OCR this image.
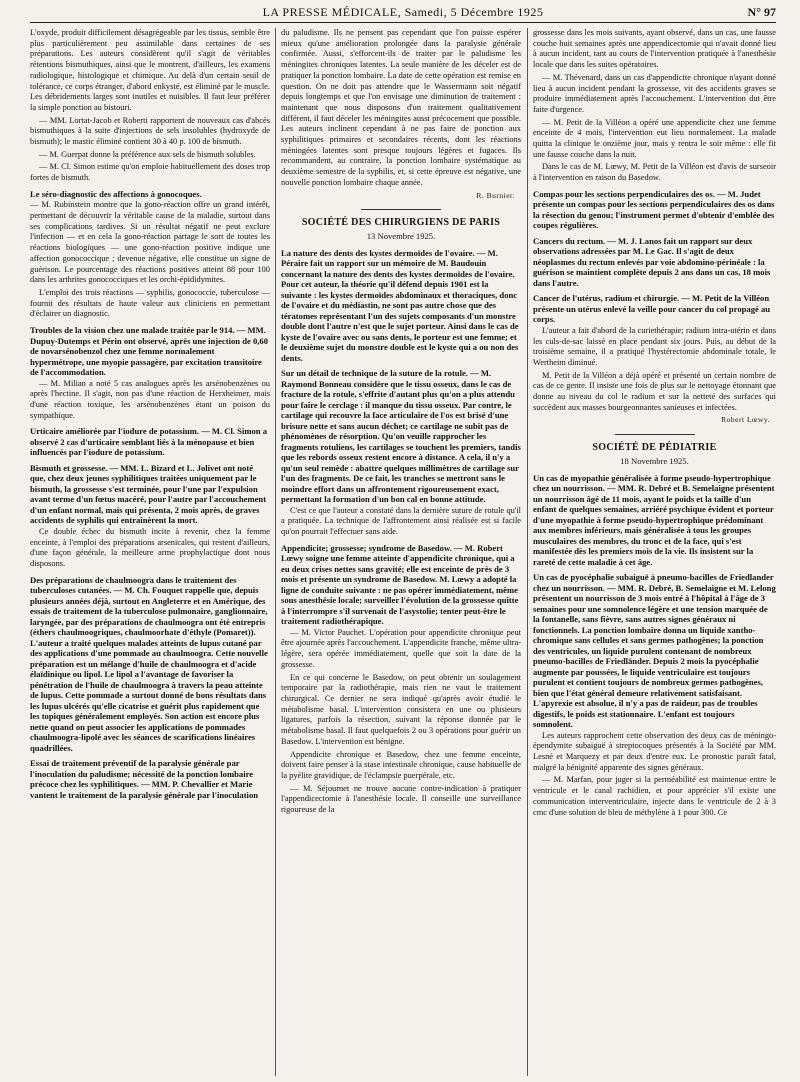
LA PRESSE MÉDICALE, Samedi, 5 Décembre 1925	N° 97

L'oxyde, produit difficilement désagrégeable par les tissus, semble être plus particulièrement peu assimilable dans certaines de ses préparations. Les auteurs considèrent qu'il s'agit de véritables rétentions bismuthiques, ainsi que le montrent, d'ailleurs, les examens radiologique, histologique et chimique. Au delà d'un certain seuil de tolérance, ce corps étranger, d'abord enkysté, est éliminé par le muscle. Les débridements larges sont inutiles et nuisibles. Il faut leur préférer la simple ponction au bistouri.

— MM. Lortat-Jacob et Roberti rapportent de nouveaux cas d'abcès bismuthiques à la suite d'injections de sels insolubles (hydroxyde de bismuth); le mastic éliminé contient 30 à 40 p. 100 de bismuth.

— M. Guerpat donne la préférence aux sels de bismuth solubles.

— M. Cl. Simon estime qu'on emploie habituellement des doses trop fortes de bismuth.

Le séro-diagnostic des affections à gonocoques.

— M. Rubinstein montre que la gono-réaction offre un grand intérêt, permettant de découvrir la véritable cause de la maladie, surtout dans ses complications tardives. Si un résultat négatif ne peut exclure l'infection — et en cela la gono-réaction partage le sort de toutes les réactions biologiques — une gono-réaction positive indique une affection gonococcique ; devenue négative, elle constitue un signe de guérison. Le pourcentage des réactions positives atteint 88 pour 100 dans les arthrites gonococciques et les orchi-épididymites.

L'emploi des trois réactions — syphilis, gonococcie, tuberculose — fournit des résultats de haute valeur aux cliniciens en permettant d'éclairer un diagnostic.

Troubles de la vision chez une malade traitée par le 914. — MM. Dupuy-Dutemps et Périn ont observé, après une injection de 0,60 de novarsénobenzol chez une femme normalement hypermétrope, une myopie passagère, par excitation transitoire de l'accommodation.

— M. Milian a noté 5 cas analogues après les arsénobenzènes ou après l'hectine. Il s'agit, non pas d'une réaction de Herxheimer, mais d'une réaction toxique, les arsénobenzènes étant un poison du sympathique.

Urticaire améliorée par l'iodure de potassium. — M. Cl. Simon a observé 2 cas d'urticaire semblant liés à la ménopause et bien influencés par l'iodure de potassium.
Bismuth et grossesse. — MM. L. Bizard et L. Jolivet ont noté que, chez deux jeunes syphilitiques traitées uniquement par le bismuth, la grossesse s'est terminée, pour l'une par l'expulsion avant terme d'un fœtus macéré, pour l'autre par l'accouchement d'un enfant normal, mais qui présenta, 2 mois après, de graves accidents de syphilis qui entraînèrent la mort.

Ce double échec du bismuth incite à revenir, chez la femme enceinte, à l'emploi des préparations arsenicales, qui restent d'ailleurs, d'une façon générale, la meilleure arme prophylactique dont nous disposons.

Des préparations de chaulmoogra dans le traitement des tuberculoses cutanées. — M. Ch. Fouquet rappelle que, depuis plusieurs années déjà, surtout en Angleterre et en Amérique, des essais de traitement de la tuberculose pulmonaire, ganglionnaire, laryngée, par des préparations de chaulmoogra ont été entrepris (éthers chaulmoogriques, chaulmoorhate d'éthyle (Pomaret)). L'auteur a traité quelques malades atteints de lupus cutané par des applications d'une pommade au chaulmoogra. Cette nouvelle préparation est un mélange d'huile de chaulmoogra et d'acide élaïdinique ou lipol. Le lipol a l'avantage de favoriser la pénétration de l'huile de chaulmoogra à travers la peau atteinte de lupus. Cette pommade a surtout donné de bons résultats dans les lupus ulcérés qu'elle cicatrise et guérit plus rapidement que les topiques généralement employés. Son action est encore plus nette quand on peut associer les applications de pommades chaulmoogra-lipolé avec les séances de scarifications linéaires quadrillées.
Essai de traitement préventif de la paralysie générale par l'inoculation du paludisme; nécessité de la ponction lombaire précoce chez les syphilitiques. — MM. P. Chevallier et Marie vantent le traitement de la paralysie générale par l'inoculation

du paludisme. Ils ne pensent pas cependant que l'on puisse espérer mieux qu'une amélioration prolongée dans la paralysie générale confirmée. Aussi, s'efforcent-ils de traiter par le paludisme les méningites chroniques latentes. La seule manière de les déceler est de pratiquer la ponction lombaire. La date de cette opération est remise en question. On ne doit pas attendre que le Wassermann soit négatif depuis longtemps et que l'on envisage une diminution de traitement : maintenant que nous disposons d'un traitement qualitativement différent, il faut déceler les méningites aussi précocement que possible. Les auteurs inclinent cependant à ne pas faire de ponction aux syphilitiques primaires et secondaires récents, dont les réactions méningées latentes sont presque toujours légères et fugaces. Ils recommandent, au contraire, la ponction lombaire systématique au deuxième semestre de la syphilis, et, si cette épreuve est négative, une nouvelle ponction lombaire chaque année.

R. Burnier.
SOCIÉTÉ DES CHIRURGIENS DE PARIS
13 Novembre 1925.
La nature des dents des kystes dermoïdes de l'ovaire. — M. Péraire fait un rapport sur un mémoire de M. Baudouin concernant la nature des dents des kystes dermoïdes de l'ovaire. Pour cet auteur, la théorie qu'il défend depuis 1901 est la suivante : les kystes dermoïdes abdominaux et thoraciques, donc de l'ovaire et du médiastin, ne sont pas autre chose que des tératomes représentant l'un des sujets composants d'un monstre double dont l'autre n'est que le sujet porteur. Ainsi dans le cas de kyste de l'ovaire avec ou sans dents, le porteur est une femme; et le deuxième sujet du monstre double est le kyste qui a ou non des dents.
Sur un détail de technique de la suture de la rotule. — M. Raymond Bonneau considère que le tissu osseux, dans le cas de fracture de la rotule, s'effrite d'autant plus qu'on a plus attendu pour faire le cerclage : il manque du tissu osseux. Par contre, le cartilage qui recouvre la face articulaire de l'os est brisé d'une brisure nette et sans aucun déchet; ce cartilage ne subit pas de phénomènes de résorption. Qu'on veuille rapprocher les fragments rotuliens, les cartilages se touchent les premiers, tandis que les rebords osseux restent encore à distance. A cela, il n'y a qu'un seul remède : abattre quelques millimètres de cartilage sur l'un des fragments. De ce fait, les tranches se mettront sans le moindre effort dans un affrontement rigoureusement exact, permettant la formation d'un bon cal en bonne attitude.

C'est ce que l'auteur a constaté dans la dernière suture de rotule qu'il a pratiquée. La technique de l'affrontement ainsi réalisée est si facile qu'on pourrait l'effectuer sans aide.

Appendicite; grossesse; syndrome de Basedow. — M. Robert Lœwy soigne une femme atteinte d'appendicite chronique, qui a eu deux crises nettes sans gravité; elle est enceinte de près de 3 mois et présente un syndrome de Basedow. M. Lœwy a adopté la ligne de conduite suivante : ne pas opérer immédiatement, même sous anesthésie locale; surveiller l'évolution de la grossesse quitte à l'interrompre s'il survenait de l'asystolie; tenter peut-être le traitement radiothérapique.

— M. Victor Pauchet. L'opération pour appendicite chronique peut être ajournée après l'accouchement. L'appendicite franche, même ultra-légère, sera opérée immédiatement, quelle que soit la date de la grossesse.

En ce qui concerne le Basedow, on peut obtenir un soulagement temporaire par la radiothérapie, mais rien ne vaut le traitement chirurgical. Ce dernier ne sera indiqué qu'après avoir étudié le métabolisme basal. L'intervention consistera en une ou plusieurs ligatures, parfois la résection, suivant la réponse donnée par le métabolisme basal. Il faut quelquefois 2 ou 3 opérations pour guérir un Basedow. L'intervention est bénigne.

Appendicite chronique et Basedow, chez une femme enceinte, doivent faire penser à la stase intestinale chronique, cause habituelle de la pyélite gravidique, de l'éclampsie puerpérale, etc.

— M. Séjournet ne trouve aucune contre-indication à pratiquer l'appendicectomie à l'anesthésie locale. Il conseille une surveillance rigoureuse de la

grossesse dans les mois suivants, ayant observé, dans un cas, une fausse couche huit semaines après une appendicectomie qui n'avait donné lieu à aucun incident, tant au cours de l'intervention pratiquée à l'anesthésie locale que dans les suites opératoires.

— M. Thévenard, dans un cas d'appendicite chronique n'ayant donné lieu à aucun incident pendant la grossesse, vit des accidents graves se produire immédiatement après l'accouchement. L'intervention dut être faite d'urgence.

— M. Petit de la Villéon a opéré une appendicite chez une femme enceinte de 4 mois, l'intervention eut lieu normalement. La malade quitta la clinique le onzième jour, mais y rentra le soir même : elle fit une fausse couche dans la nuit.

Dans le cas de M. Lœwy, M. Petit de la Villéon est d'avis de surseoir à l'intervention en raison du Basedow.

Compas pour les sections perpendiculaires des os. — M. Judet présente un compas pour les sections perpendiculaires des os dans la résection du genou; l'instrument permet d'obtenir d'emblée des coupes régulières.
Cancers du rectum. — M. J. Lanos fait un rapport sur deux observations adressées par M. Le Gac. Il s'agit de deux néoplasmes du rectum enlevés par voie abdomino-périnéale : la guérison se maintient complète depuis 2 ans dans un cas, 18 mois dans l'autre.
Cancer de l'utérus, radium et chirurgie. — M. Petit de la Villéon présente un utérus enlevé la veille pour cancer du col propagé au corps.

L'auteur a fait d'abord de la curiethérapie; radium intra-utérin et dans les culs-de-sac laissé en place pendant six jours. Puis, au début de la troisième semaine, il a pratiqué l'hystérectomie abdominale totale, le Wertheim diminué.

M. Petit de la Villéon a déjà opéré et présenté un certain nombre de cas de ce genre. Il insiste une fois de plus sur le nettoyage étonnant que donne au niveau du col le radium et sur la netteté des surfaces qui succèdent aux masses bourgeonnantes sanieuses et infectées.

Robert Lœwy.
SOCIÉTÉ DE PÉDIATRIE
18 Novembre 1925.
Un cas de myopathie généralisée à forme pseudo-hypertrophique chez un nourrisson. — MM. R. Debré et B. Semelaigne présentent un nourrisson âgé de 11 mois, ayant le poids et la taille d'un enfant de quelques semaines, arriéré psychique évident et porteur d'une myopathie à forme pseudo-hypertrophique prédominant aux membres inférieurs, mais généralisée à tous les groupes musculaires des membres, du tronc et de la face, qui s'est manifestée dès les premiers mois de la vie. Ils insistent sur la rareté de cette maladie à cet âge.
Un cas de pyocéphalie subaiguë à pneumo-bacilles de Friedlander chez un nourrisson. — MM. R. Debré, B. Semelaigne et M. Lelong présentent un nourrisson de 3 mois entré à l'hôpital à l'âge de 3 semaines pour une somnolence légère et une tension marquée de la fontanelle, sans fièvre, sans autres signes généraux ni fonctionnels. La ponction lombaire donna un liquide xantho-chromique sans cellules et sans germes pathogènes; la ponction des ventricules, un liquide purulent contenant de nombreux pneumo-bacilles de Friedländer. Depuis 2 mois la pyocéphalie augmente par poussées, le liquide ventriculaire est toujours purulent et contient toujours de nombreux germes pathogènes, bien que l'état général demeure relativement satisfaisant. L'apyrexie est absolue, il n'y a pas de raideur, pas de troubles digestifs, le poids est stationnaire. L'enfant est toujours somnolent.

Les auteurs rapprochent cette observation des deux cas de méningo-épendymite subaiguë à streptocoques présentés à la Société par MM. Lesné et Marquezy et par deux d'entre eux. Le pronostic paraît fatal, malgré la bénignité apparente des signes généraux.

— M. Marfan, pour juger si la perméabilité est maintenue entre le ventricule et le canal rachidien, et pour apprécier s'il existe une communication interventriculaire, injecte dans le ventricule de 2 à 3 cmc d'une solution de bleu de méthylène à 1 pour 300. Ce
